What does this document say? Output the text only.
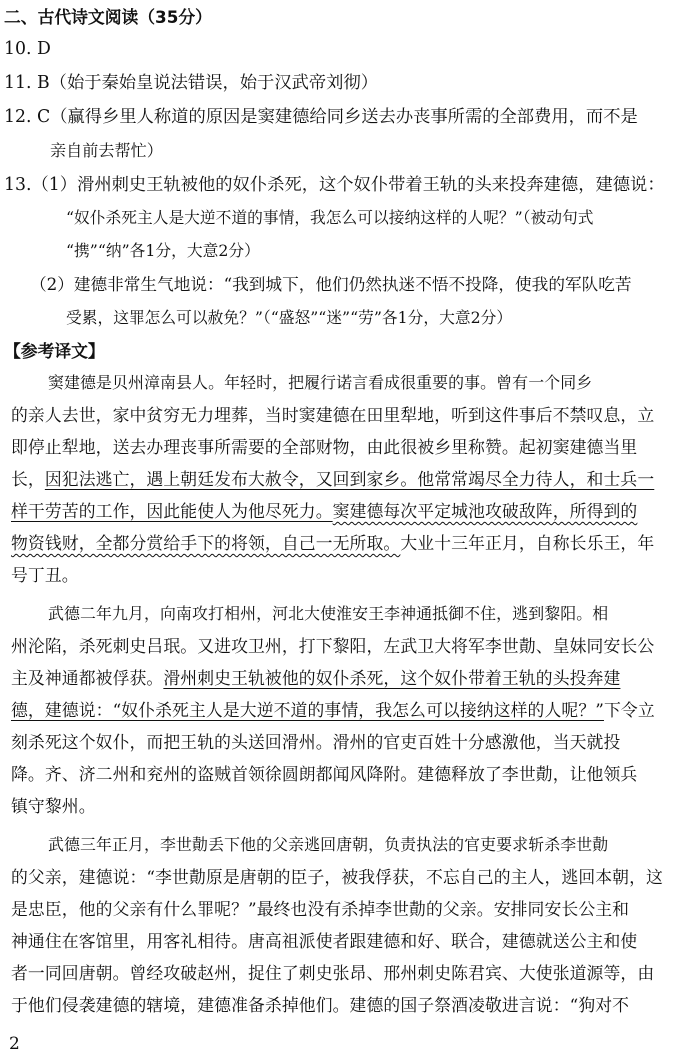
二、古代诗文阅读（35分）
10. D
11. B（始于秦始皇说法错误，始于汉武帝刘彻）
12. C（赢得乡里人称道的原因是窦建德给同乡送去办丧事所需的全部费用，而不是
亲自前去帮忙）
13.（1）滑州刺史王轨被他的奴仆杀死，这个奴仆带着王轨的头来投奔建德，建德说：
“奴仆杀死主人是大逆不道的事情，我怎么可以接纳这样的人呢？”（被动句式
“携”“纳”各1分，大意2分）
（2）建德非常生气地说：“我到城下，他们仍然执迷不悟不投降，使我的军队吃苦
受累，这罪怎么可以赦免？”（“盛怒”“迷”“劳”各1分，大意2分）
【参考译文】
窦建德是贝州漳南县人。年轻时，把履行诺言看成很重要的事。曾有一个同乡
的亲人去世，家中贫穷无力埋葬，当时窦建德在田里犁地，听到这件事后不禁叹息，立
即停止犁地，送去办理丧事所需要的全部财物，由此很被乡里称赞。起初窦建德当里
长，因犯法逃亡，遇上朝廷发布大赦令，又回到家乡。他常常竭尽全力待人，和士兵一
样干劳苦的工作，因此能使人为他尽死力。窦建德每次平定城池攻破敌阵，所得到的
物资钱财，全都分赏给手下的将领，自己一无所取。大业十三年正月，自称长乐王，年
号丁丑。
武德二年九月，向南攻打相州，河北大使淮安王李神通抵御不住，逃到黎阳。相
州沦陷，杀死刺史吕珉。又进攻卫州，打下黎阳，左武卫大将军李世勣、皇妹同安长公
主及神通都被俘获。滑州刺史王轨被他的奴仆杀死，这个奴仆带着王轨的头投奔建
德，建德说：“奴仆杀死主人是大逆不道的事情，我怎么可以接纳这样的人呢？”下令立
刻杀死这个奴仆，而把王轨的头送回滑州。滑州的官吏百姓十分感激他，当天就投
降。齐、济二州和兖州的盗贼首领徐圆朗都闻风降附。建德释放了李世勣，让他领兵
镇守黎州。
武德三年正月，李世勣丢下他的父亲逃回唐朝，负责执法的官吏要求斩杀李世勣
的父亲，建德说：“李世勣原是唐朝的臣子，被我俘获，不忘自己的主人，逃回本朝，这
是忠臣，他的父亲有什么罪呢？”最终也没有杀掉李世勣的父亲。安排同安长公主和
神通住在客馆里，用客礼相待。唐高祖派使者跟建德和好、联合，建德就送公主和使
者一同回唐朝。曾经攻破赵州，捉住了刺史张昂、邢州刺史陈君宾、大使张道源等，由
于他们侵袭建德的辖境，建德准备杀掉他们。建德的国子祭酒凌敬进言说：“狗对不
2
